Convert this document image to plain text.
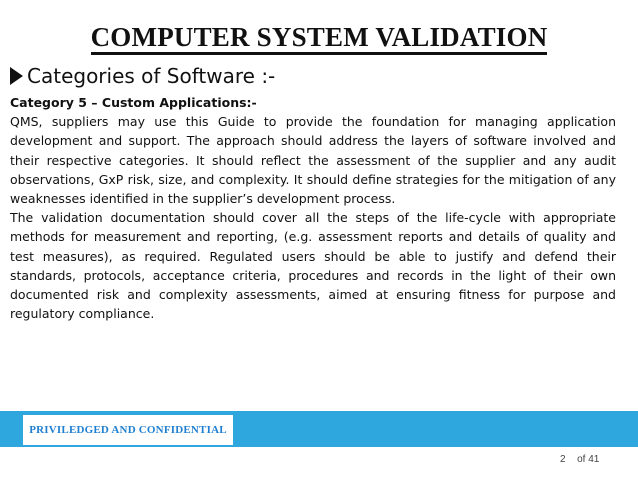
COMPUTER SYSTEM VALIDATION
Categories of Software :-

Category 5 – Custom Applications:-

QMS, suppliers may use this Guide to provide the foundation for managing application development and support. The approach should address the layers of software involved and their respective categories. It should reflect the assessment of the supplier and any audit observations, GxP risk, size, and complexity. It should define strategies for the mitigation of any weaknesses identified in the supplier’s development process.

The validation documentation should cover all the steps of the life-cycle with appropriate methods for measurement and reporting, (e.g. assessment reports and details of quality and test measures), as required. Regulated users should be able to justify and defend their standards, protocols, acceptance criteria, procedures and records in the light of their own documented risk and complexity assessments, aimed at ensuring fitness for purpose and regulatory compliance.

PRIVILEDGED AND CONFIDENTIAL
2 of 41
